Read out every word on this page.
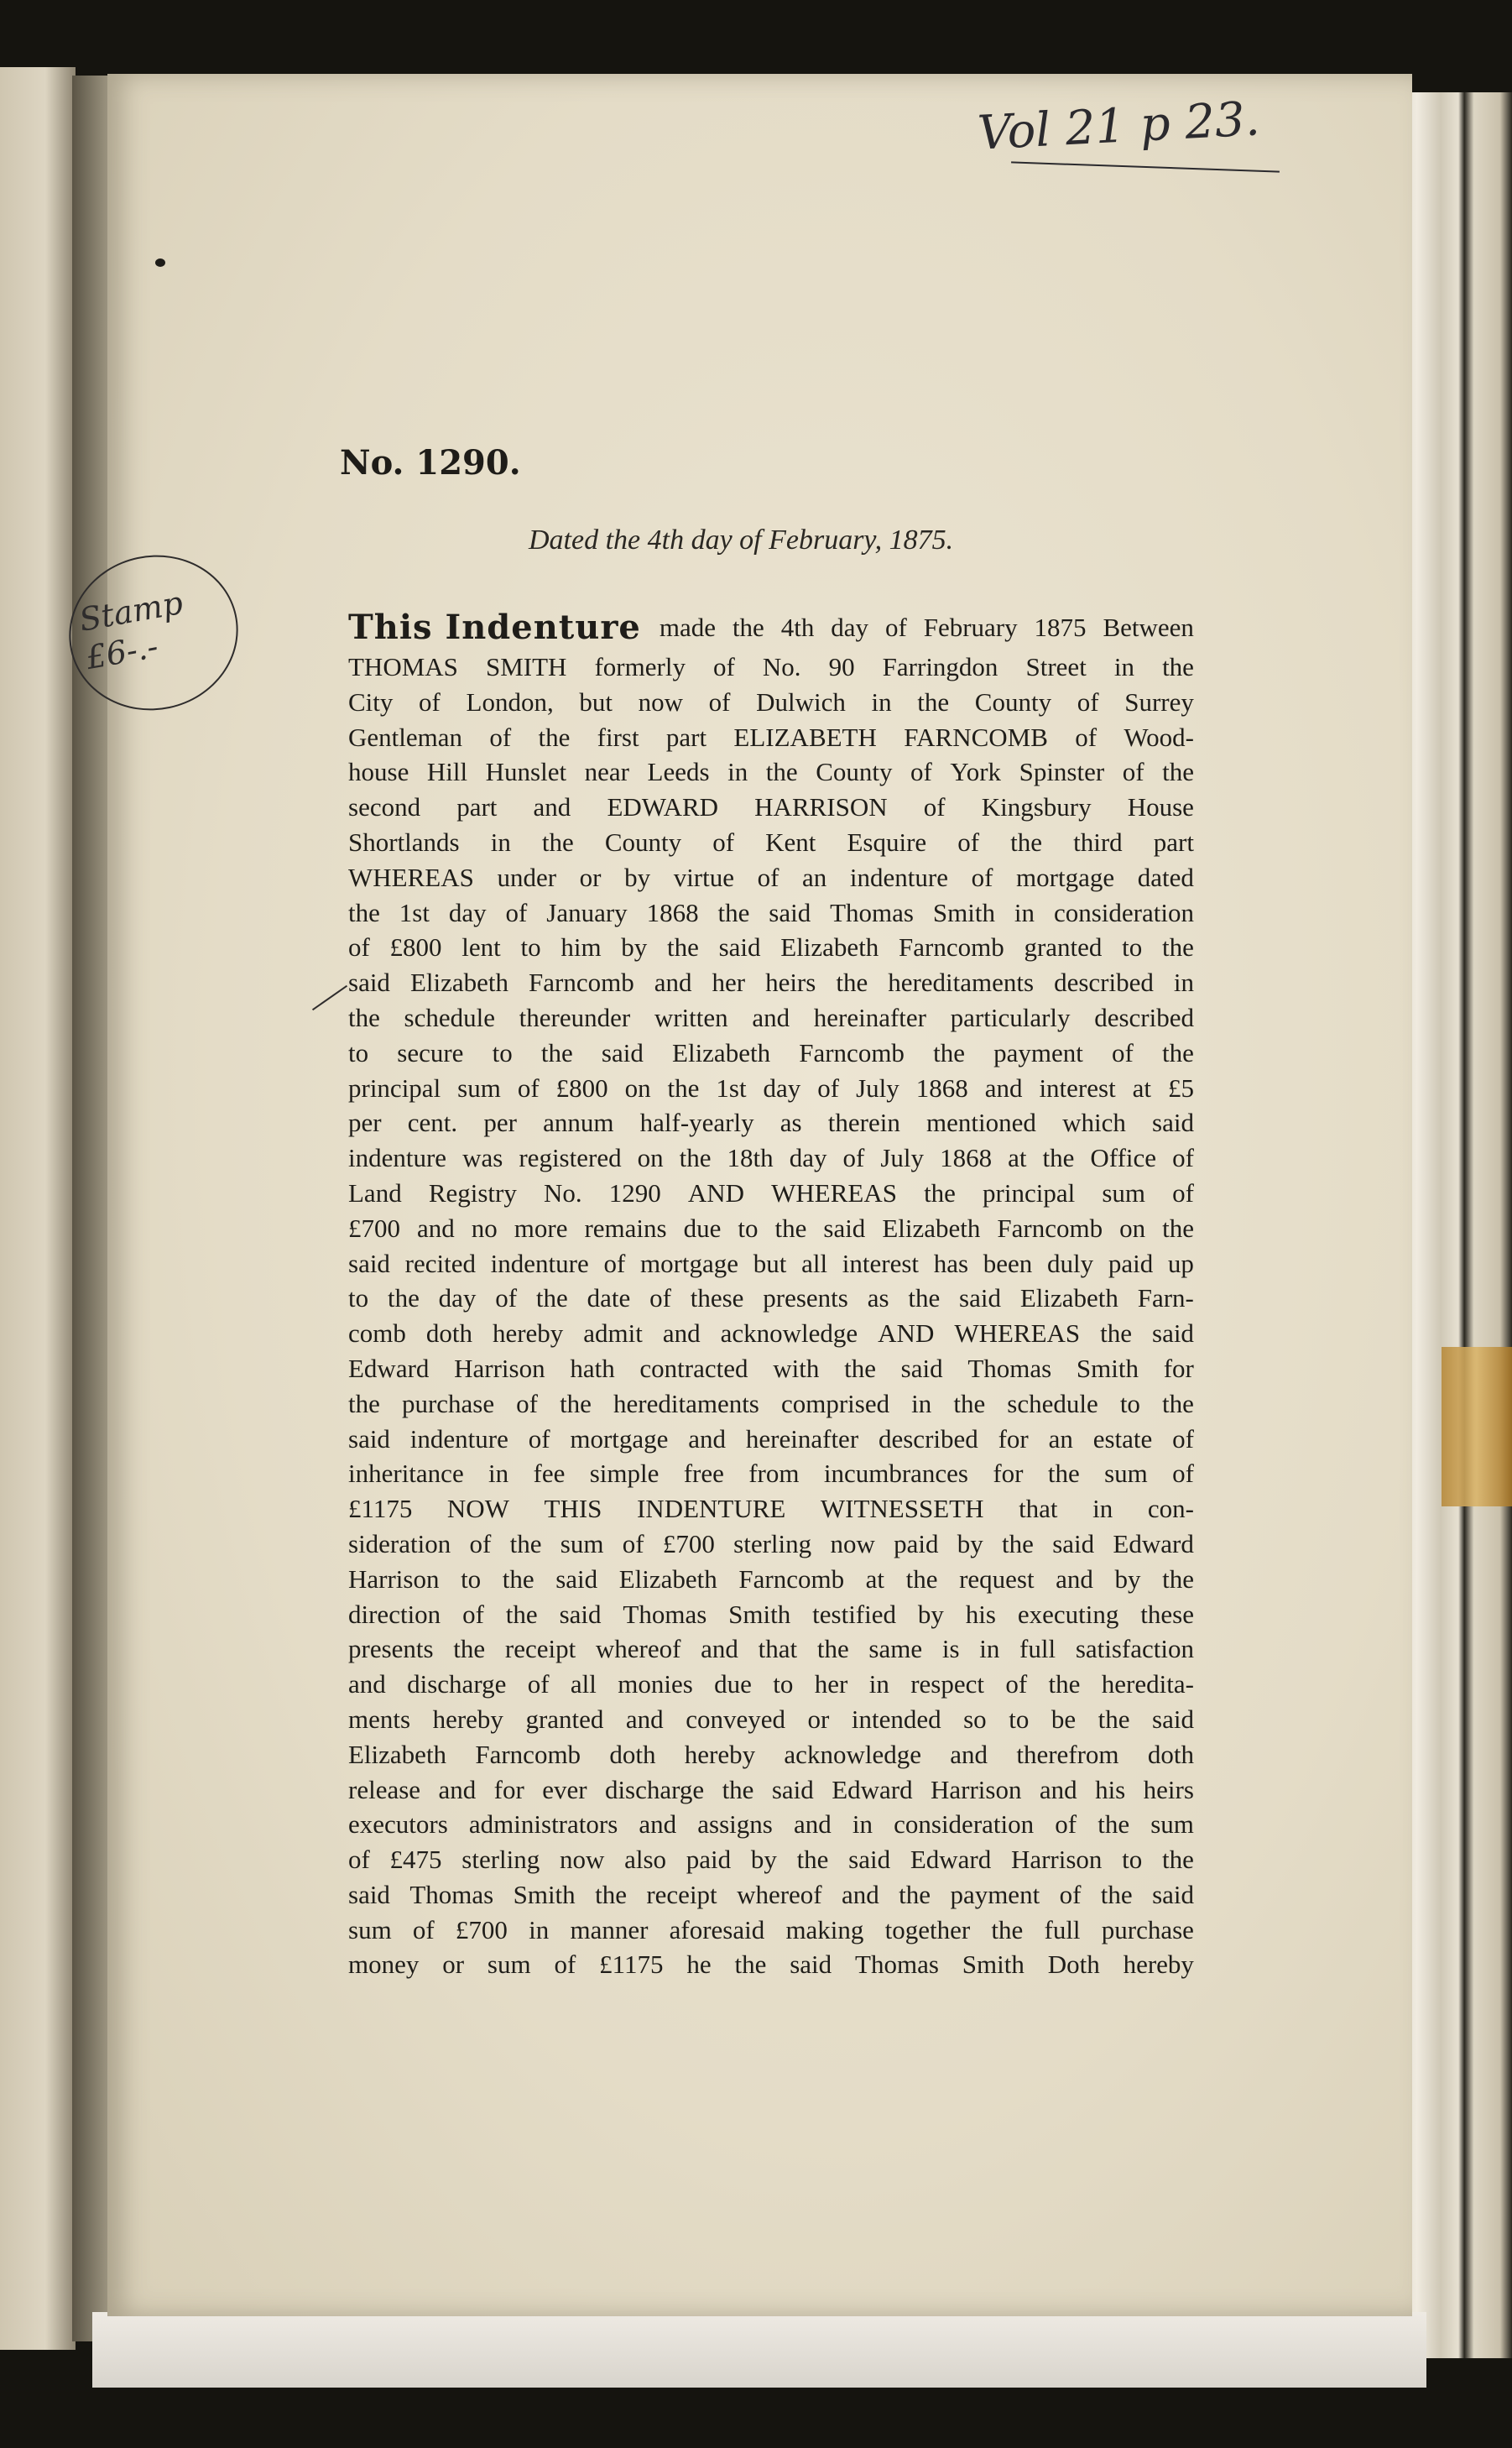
Vol 21 p 23.
No. 1290.
Dated the 4th day of February, 1875.
Stamp
£6-.-
This Indenture made the 4th day of February 1875 Between
THOMAS SMITH formerly of No. 90 Farringdon Street in the
City of London, but now of Dulwich in the County of Surrey
Gentleman of the first part ELIZABETH FARNCOMB of Wood-
house Hill Hunslet near Leeds in the County of York Spinster of the
second part and EDWARD HARRISON of Kingsbury House
Shortlands in the County of Kent Esquire of the third part
WHEREAS under or by virtue of an indenture of mortgage dated
the 1st day of January 1868 the said Thomas Smith in consideration
of £800 lent to him by the said Elizabeth Farncomb granted to the
said Elizabeth Farncomb and her heirs the hereditaments described in
the schedule thereunder written and hereinafter particularly described
to secure to the said Elizabeth Farncomb the payment of the
principal sum of £800 on the 1st day of July 1868 and interest at £5
per cent. per annum half-yearly as therein mentioned which said
indenture was registered on the 18th day of July 1868 at the Office of
Land Registry No. 1290 AND WHEREAS the principal sum of
£700 and no more remains due to the said Elizabeth Farncomb on the
said recited indenture of mortgage but all interest has been duly paid up
to the day of the date of these presents as the said Elizabeth Farn-
comb doth hereby admit and acknowledge AND WHEREAS the said
Edward Harrison hath contracted with the said Thomas Smith for
the purchase of the hereditaments comprised in the schedule to the
said indenture of mortgage and hereinafter described for an estate of
inheritance in fee simple free from incumbrances for the sum of
£1175 NOW THIS INDENTURE WITNESSETH that in con-
sideration of the sum of £700 sterling now paid by the said Edward
Harrison to the said Elizabeth Farncomb at the request and by the
direction of the said Thomas Smith testified by his executing these
presents the receipt whereof and that the same is in full satisfaction
and discharge of all monies due to her in respect of the heredita-
ments hereby granted and conveyed or intended so to be the said
Elizabeth Farncomb doth hereby acknowledge and therefrom doth
release and for ever discharge the said Edward Harrison and his heirs
executors administrators and assigns and in consideration of the sum
of £475 sterling now also paid by the said Edward Harrison to the
said Thomas Smith the receipt whereof and the payment of the said
sum of £700 in manner aforesaid making together the full purchase
money or sum of £1175 he the said Thomas Smith Doth hereby
